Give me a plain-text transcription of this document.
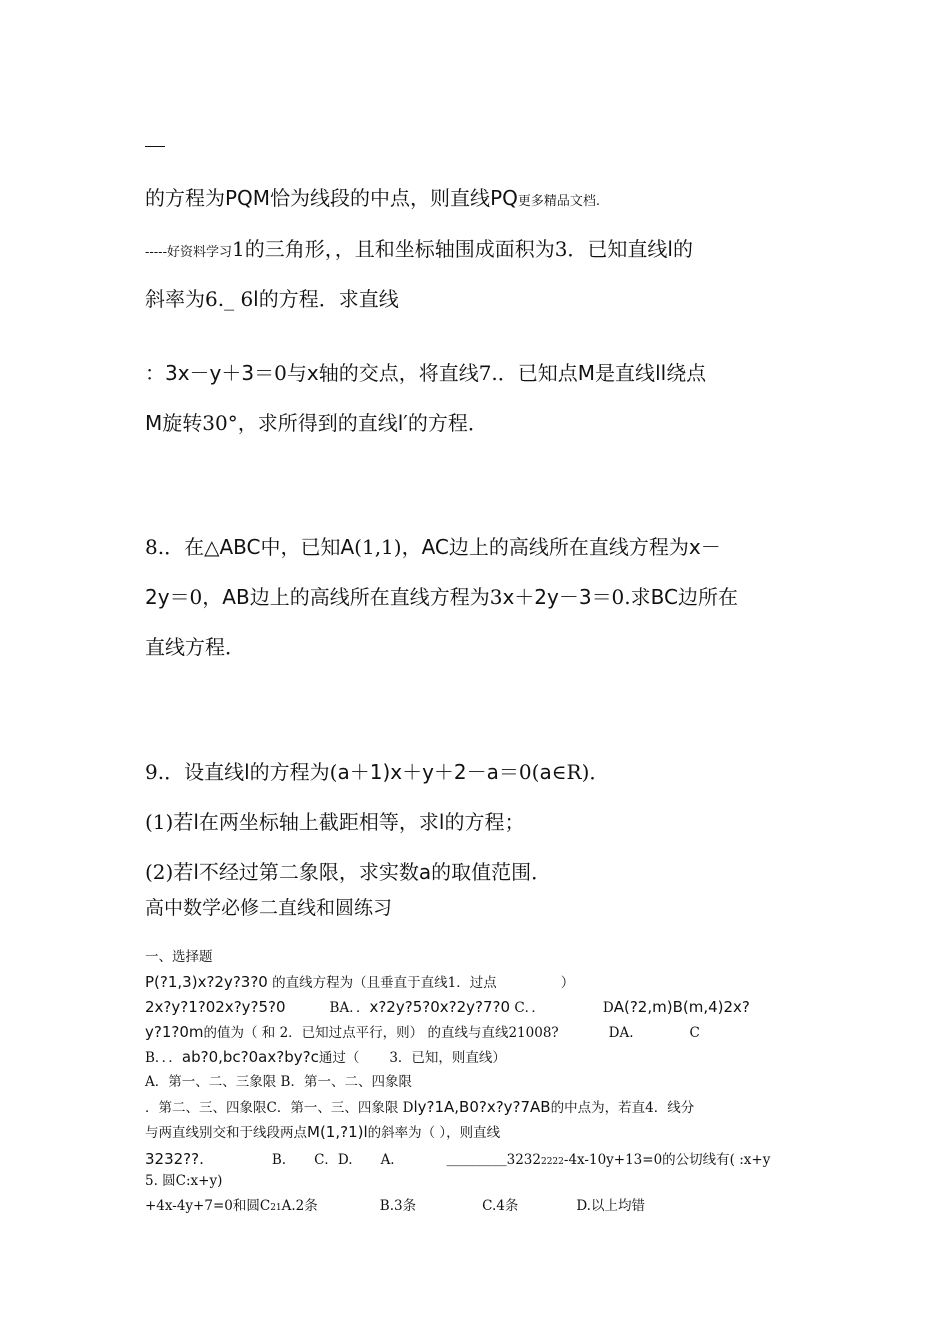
的方程为PQM恰为线段的中点，则直线PQ更多精品文档.
-----好资料学习1的三角形，，且和坐标轴围成面积为3．已知直线l的
斜率为6._ 6l的方程．求直线
：3x－y＋3＝0与x轴的交点，将直线7.．已知点M是直线ll绕点
M旋转30°，求所得到的直线l′的方程．
8.．在△ABC中，已知A(1,1)，AC边上的高线所在直线方程为x－
2y＝0，AB边上的高线所在直线方程为3x＋2y－3＝0.求BC边所在
直线方程．
9.．设直线l的方程为(a＋1)x＋y＋2－a＝0(a∈R)．
(1)若l在两坐标轴上截距相等，求l的方程；
(2)若l不经过第二象限，求实数a的取值范围．
高中数学必修二直线和圆练习
一、选择题
P(?1,3)x?2y?3?0 的直线方程为（且垂直于直线1．过点	）
2x?y?1?02x?y?5?0	BA．．x?2y?5?0x?2y?7?0 C．．	DA(?2,m)B(m,4)2x?
y?1?0m的值为（ 和 2．已知过点平行，则） 的直线与直线21008?	DA.	C
B．．．ab?0,bc?0ax?by?c通过（ 3．已知，则直线）
A．第一、二、三象限 B．第一、二、四象限
．第二、三、四象限C．第一、三、四象限 Dly?1A,B0?x?y?7AB的中点为，若直4．线分
与两直线别交和于线段两点M(1,?1)l的斜率为（ ），则直线
3232??.	B. C．D. A.	＿＿＿＿32322222-4x-10y+13=0的公切线有( :x+y
5. 圆C:x+y)
+4x-4y+7=0和圆C21A.2条	B.3条	C.4条	D.以上均错
